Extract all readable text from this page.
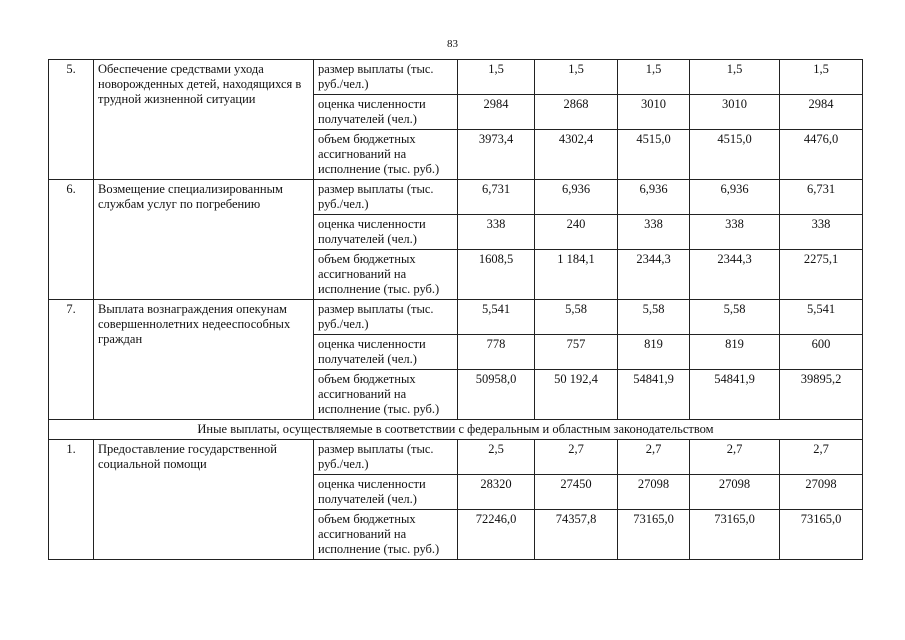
83
5.	Обеспечение средствами ухода новорожденных детей, находящихся в трудной жизненной ситуации	размер выплаты (тыс. руб./чел.)	1,5	1,5	1,5	1,5	1,5
		оценка численности получателей (чел.)	2984	2868	3010	3010	2984
		объем бюджетных ассигнований на исполнение (тыс. руб.)	3973,4	4302,4	4515,0	4515,0	4476,0
6.	Возмещение специализированным службам услуг по погребению	размер выплаты (тыс. руб./чел.)	6,731	6,936	6,936	6,936	6,731
		оценка численности получателей (чел.)	338	240	338	338	338
		объем бюджетных ассигнований на исполнение (тыс. руб.)	1608,5	1 184,1	2344,3	2344,3	2275,1
7.	Выплата вознаграждения опекунам совершеннолетних недееспособных граждан	размер выплаты (тыс. руб./чел.)	5,541	5,58	5,58	5,58	5,541
		оценка численности получателей (чел.)	778	757	819	819	600
		объем бюджетных ассигнований на исполнение (тыс. руб.)	50958,0	50 192,4	54841,9	54841,9	39895,2
Иные выплаты, осуществляемые в соответствии с федеральным и областным законодательством							
1.	Предоставление государственной социальной помощи	размер выплаты (тыс. руб./чел.)	2,5	2,7	2,7	2,7	2,7
		оценка численности получателей (чел.)	28320	27450	27098	27098	27098
		объем бюджетных ассигнований на исполнение (тыс. руб.)	72246,0	74357,8	73165,0	73165,0	73165,0
